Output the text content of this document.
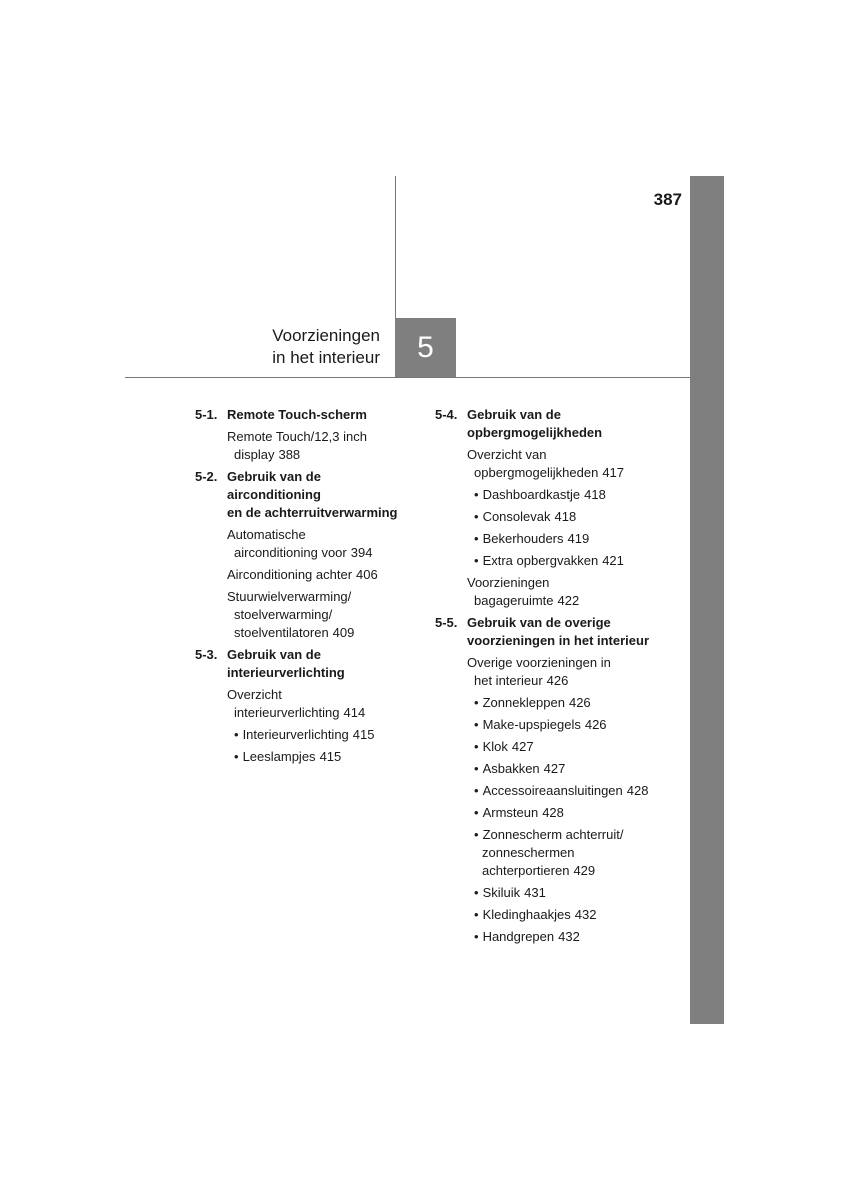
387
Voorzieningen
in het interieur 5
5-1. Remote Touch-scherm
Remote Touch/12,3 inch
display 388
5-2. Gebruik van de airconditioning
en de achterruitverwarming
Automatische
airconditioning voor 394
Airconditioning achter 406
Stuurwielverwarming/
stoelverwarming/
stoelventilatoren 409
5-3. Gebruik van de
interieurverlichting
Overzicht
interieurverlichting 414
• Interieurverlichting 415
• Leeslampjes 415
5-4. Gebruik van de
opbergmogelijkheden
Overzicht van
opbergmogelijkheden 417
• Dashboardkastje 418
• Consolevak 418
• Bekerhouders 419
• Extra opbergvakken 421
Voorzieningen
bagageruimte 422
5-5. Gebruik van de overige
voorzieningen in het interieur
Overige voorzieningen in
het interieur 426
• Zonnekleppen 426
• Make-upspiegels 426
• Klok 427
• Asbakken 427
• Accessoireaansluitingen 428
• Armsteun 428
• Zonnescherm achterruit/
zonneschermen
achterportieren 429
• Skiluik 431
• Kledinghaakjes 432
• Handgrepen 432
